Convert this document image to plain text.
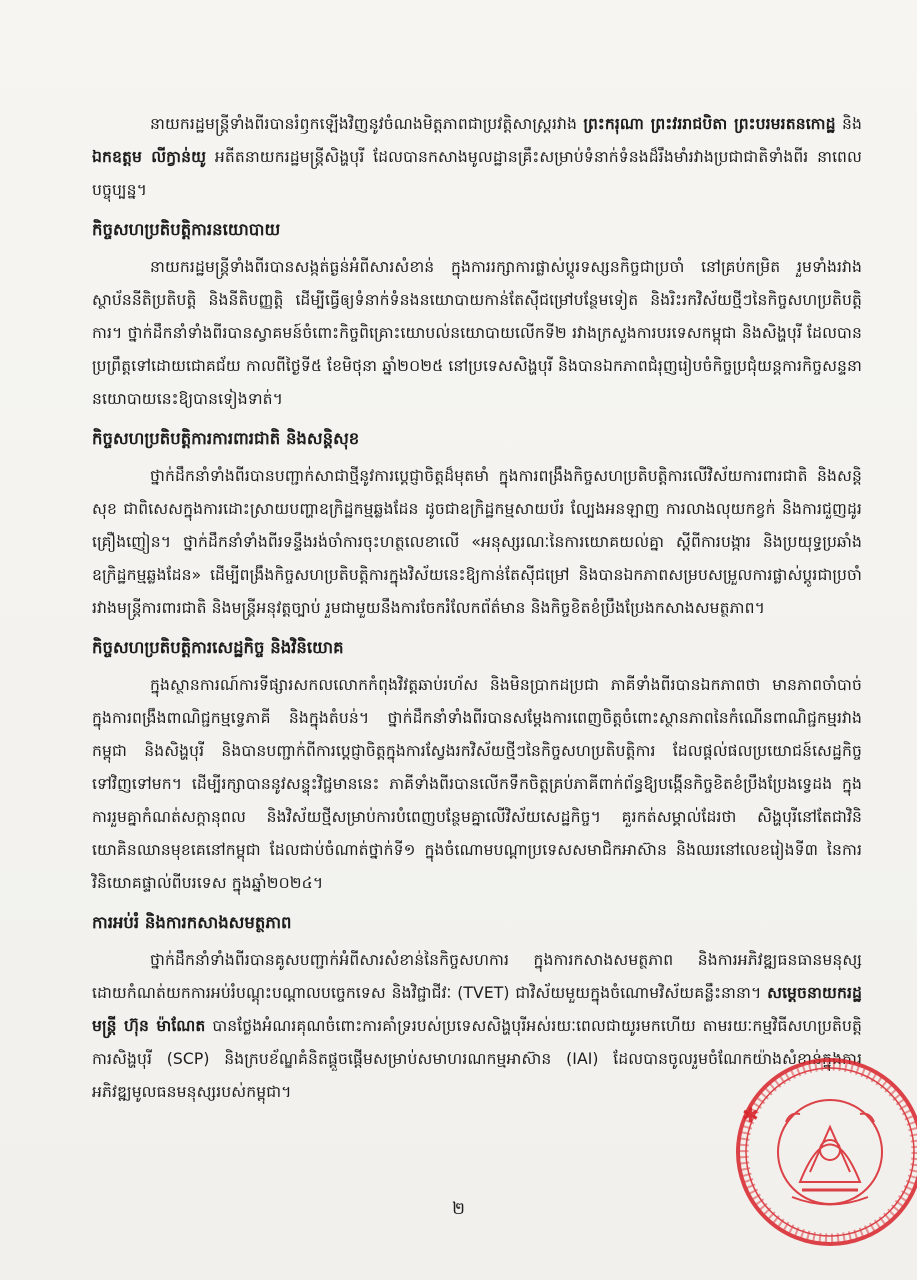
នាយករដ្ឋមន្ត្រីទាំងពីរបានរំឭកឡើងវិញនូវចំណងមិត្តភាពជាប្រវត្តិសាស្ត្ររវាង ព្រះករុណា ព្រះវររាជបិតា ព្រះបរមរតនកោដ្ឋ និង ឯកឧត្តម លីក្វាន់យូ អតីតនាយករដ្ឋមន្ត្រីសិង្ហបុរី ដែលបានកសាងមូលដ្ឋានគ្រឹះសម្រាប់ទំនាក់ទំនងដ៏រឹងមាំរវាងប្រជាជាតិទាំងពីរ នាពេលបច្ចុប្បន្ន។

កិច្ចសហប្រតិបត្តិការនយោបាយ

នាយករដ្ឋមន្ត្រីទាំងពីរបានសង្កត់ធ្ងន់អំពីសារសំខាន់ ក្នុងការរក្សាការផ្លាស់ប្តូរទស្សនកិច្ចជាប្រចាំ នៅគ្រប់កម្រិត រួមទាំងរវាងស្ថាប័ននីតិប្រតិបត្តិ និងនីតិបញ្ញត្តិ ដើម្បីធ្វើឲ្យទំនាក់ទំនងនយោបាយកាន់តែស៊ីជម្រៅបន្ថែមទៀត និងរិះរកវិស័យថ្មីៗនៃកិច្ចសហប្រតិបត្តិការ។ ថ្នាក់ដឹកនាំទាំងពីរបានស្វាគមន៍ចំពោះកិច្ចពិគ្រោះយោបល់នយោបាយលើកទី២ រវាងក្រសួងការបរទេសកម្ពុជា និងសិង្ហបុរី ដែលបានប្រព្រឹត្តទៅដោយជោគជ័យ កាលពីថ្ងៃទី៥ ខែមិថុនា ឆ្នាំ២០២៥ នៅប្រទេសសិង្ហបុរី និងបានឯកភាពជំរុញរៀបចំកិច្ចប្រជុំយន្តការកិច្ចសន្ទនានយោបាយនេះឱ្យបានទៀងទាត់។

កិច្ចសហប្រតិបត្តិការការពារជាតិ និងសន្តិសុខ

ថ្នាក់ដឹកនាំទាំងពីរបានបញ្ជាក់សាជាថ្មីនូវការប្តេជ្ញាចិត្តដ៏មុតមាំ ក្នុងការពង្រឹងកិច្ចសហប្រតិបត្តិការលើវិស័យការពារជាតិ និងសន្តិសុខ ជាពិសេសក្នុងការដោះស្រាយបញ្ហាឧក្រិដ្ឋកម្មឆ្លងដែន ដូចជាឧក្រិដ្ឋកម្មសាយប័រ ល្បែងអនឡាញ ការលាងលុយកខ្វក់ និងការជួញដូរគ្រឿងញៀន។ ថ្នាក់ដឹកនាំទាំងពីរទន្ទឹងរង់ចាំការចុះហត្ថលេខាលើ «អនុស្សរណៈនៃការយោគយល់គ្នា ស្តីពីការបង្ការ និងប្រយុទ្ធប្រឆាំងឧក្រិដ្ឋកម្មឆ្លងដែន» ដើម្បីពង្រឹងកិច្ចសហប្រតិបត្តិការក្នុងវិស័យនេះឱ្យកាន់តែស៊ីជម្រៅ និងបានឯកភាពសម្របសម្រួលការផ្លាស់ប្តូរជាប្រចាំរវាងមន្ត្រីការពារជាតិ និងមន្ត្រីអនុវត្តច្បាប់ រួមជាមួយនឹងការចែករំលែកព័ត៌មាន និងកិច្ចខិតខំប្រឹងប្រែងកសាងសមត្ថភាព។

កិច្ចសហប្រតិបត្តិការសេដ្ឋកិច្ច និងវិនិយោគ

ក្នុងស្ថានការណ៍ការទីផ្សារសកលលោកកំពុងវិវត្តឆាប់រហ័ស និងមិនប្រាកដប្រជា ភាគីទាំងពីរបានឯកភាពថា មានភាពចាំបាច់ក្នុងការពង្រឹងពាណិជ្ជកម្មទ្វេភាគី និងក្នុងតំបន់។ ថ្នាក់ដឹកនាំទាំងពីរបានសម្តែងការពេញចិត្តចំពោះស្ថានភាពនៃកំណើនពាណិជ្ជកម្មរវាងកម្ពុជា និងសិង្ហបុរី និងបានបញ្ជាក់ពីការប្តេជ្ញាចិត្តក្នុងការស្វែងរកវិស័យថ្មីៗនៃកិច្ចសហប្រតិបត្តិការ ដែលផ្តល់ផលប្រយោជន៍សេដ្ឋកិច្ចទៅវិញទៅមក។ ដើម្បីរក្សាបាននូវសន្ទុះវិជ្ជមាននេះ ភាគីទាំងពីរបានលើកទឹកចិត្តគ្រប់ភាគីពាក់ព័ន្ធឱ្យបង្កើនកិច្ចខិតខំប្រឹងប្រែងទ្វេដង ក្នុងការរួមគ្នាកំណត់សក្តានុពល និងវិស័យថ្មីសម្រាប់ការបំពេញបន្ថែមគ្នាលើវិស័យសេដ្ឋកិច្ច។ គួរកត់សម្គាល់ដែរថា សិង្ហបុរីនៅតែជាវិនិយោគិនឈានមុខគេនៅកម្ពុជា ដែលជាប់ចំណាត់ថ្នាក់ទី១ ក្នុងចំណោមបណ្តាប្រទេសសមាជិកអាស៊ាន និងឈរនៅលេខរៀងទី៣ នៃការវិនិយោគផ្ទាល់ពីបរទេស ក្នុងឆ្នាំ២០២៤។

ការអប់រំ និងការកសាងសមត្ថភាព

ថ្នាក់ដឹកនាំទាំងពីរបានគូសបញ្ជាក់អំពីសារសំខាន់នៃកិច្ចសហការ ក្នុងការកសាងសមត្ថភាព និងការអភិវឌ្ឍធនធានមនុស្ស ដោយកំណត់យកការអប់រំបណ្តុះបណ្តាលបច្ចេកទេស និងវិជ្ជាជីវៈ (TVET) ជាវិស័យមួយក្នុងចំណោមវិស័យគន្លឹះនានា។ សម្តេចនាយករដ្ឋមន្ត្រី ហ៊ុន ម៉ាណែត បានថ្លែងអំណរគុណចំពោះការគាំទ្ររបស់ប្រទេសសិង្ហបុរីអស់រយៈពេលជាយូរមកហើយ តាមរយៈកម្មវិធីសហប្រតិបត្តិការសិង្ហបុរី (SCP) និងក្របខ័ណ្ឌគំនិតផ្តួចផ្តើមសម្រាប់សមាហរណកម្មអាស៊ាន (IAI) ដែលបានចូលរួមចំណែកយ៉ាងសំខាន់ក្នុងការអភិវឌ្ឍមូលធនមនុស្សរបស់កម្ពុជា។

២
✱
